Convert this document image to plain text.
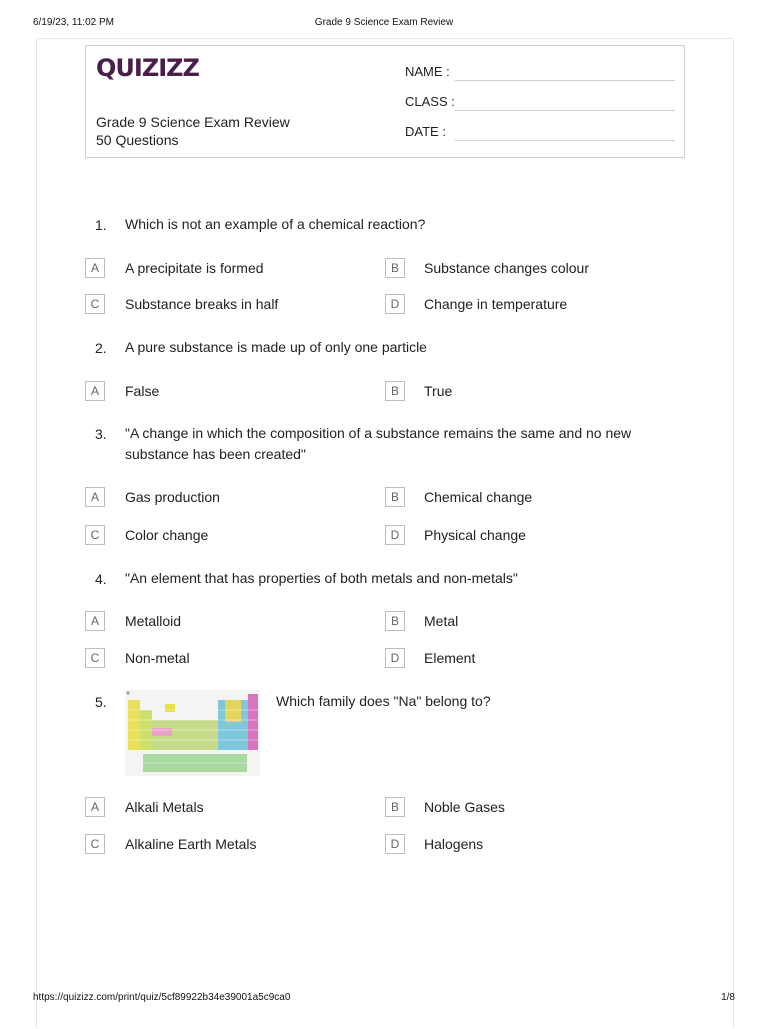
6/19/23, 11:02 PM	Grade 9 Science Exam Review
QUIZIZZ
Grade 9 Science Exam Review
50 Questions
NAME :
CLASS :
DATE :
1. Which is not an example of a chemical reaction?
A	A precipitate is formed	B	Substance changes colour
C	Substance breaks in half	D	Change in temperature
2. A pure substance is made up of only one particle
A	False	B	True
3. "A change in which the composition of a substance remains the same and no new substance has been created"
A	Gas production	B	Chemical change
C	Color change	D	Physical change
4. "An element that has properties of both metals and non-metals"
A	Metalloid	B	Metal
C	Non-metal	D	Element
5.	Which family does "Na" belong to?
A	Alkali Metals	B	Noble Gases
C	Alkaline Earth Metals	D	Halogens
https://quizizz.com/print/quiz/5cf89922b34e39001a5c9ca0	1/8
